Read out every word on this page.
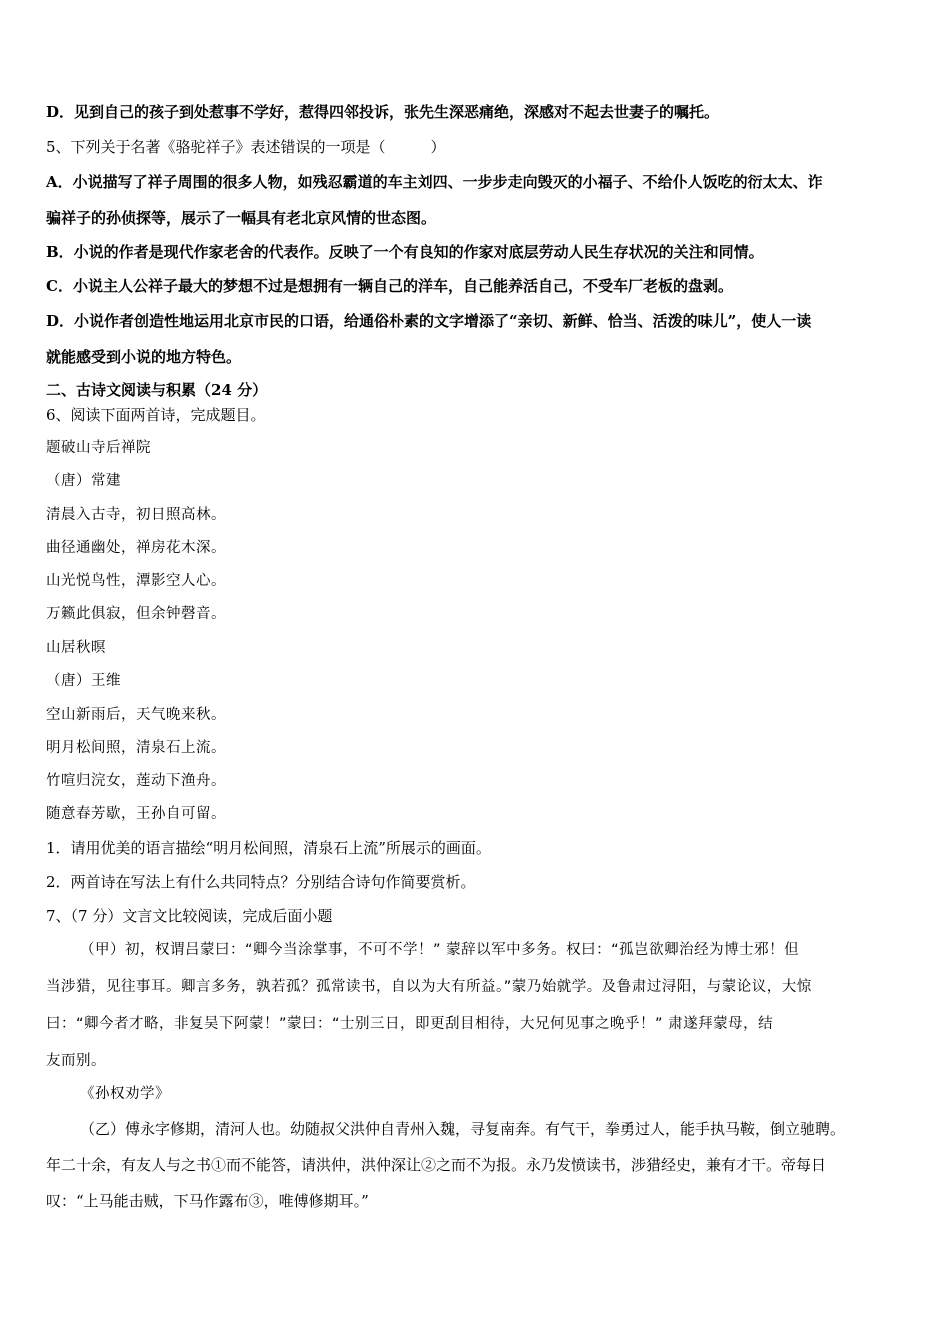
D．见到自己的孩子到处惹事不学好，惹得四邻投诉，张先生深恶痛绝，深感对不起去世妻子的嘱托。
5、下列关于名著《骆驼祥子》表述错误的一项是（　　　）
A．小说描写了祥子周围的很多人物，如残忍霸道的车主刘四、一步步走向毁灭的小福子、不给仆人饭吃的衍太太、诈
骗祥子的孙侦探等，展示了一幅具有老北京风情的世态图。
B．小说的作者是现代作家老舍的代表作。反映了一个有良知的作家对底层劳动人民生存状况的关注和同情。
C．小说主人公祥子最大的梦想不过是想拥有一辆自己的洋车，自己能养活自己，不受车厂老板的盘剥。
D．小说作者创造性地运用北京市民的口语，给通俗朴素的文字增添了“亲切、新鲜、恰当、活泼的味儿”，使人一读
就能感受到小说的地方特色。
二、古诗文阅读与积累（24 分）
6、阅读下面两首诗，完成题目。
题破山寺后禅院
（唐）常建
清晨入古寺，初日照高林。
曲径通幽处，禅房花木深。
山光悦鸟性，潭影空人心。
万籁此俱寂，但余钟磬音。
山居秋暝
（唐）王维
空山新雨后，天气晚来秋。
明月松间照，清泉石上流。
竹喧归浣女，莲动下渔舟。
随意春芳歇，王孙自可留。
1．请用优美的语言描绘“明月松间照，清泉石上流”所展示的画面。
2．两首诗在写法上有什么共同特点？分别结合诗句作简要赏析。
7、（7 分）文言文比较阅读，完成后面小题
（甲）初，权谓吕蒙曰：“卿今当涂掌事，不可不学！” 蒙辞以军中多务。权曰：“孤岂欲卿治经为博士邪！但
当涉猎，见往事耳。卿言多务，孰若孤？孤常读书，自以为大有所益。”蒙乃始就学。及鲁肃过浔阳，与蒙论议，大惊
曰：“卿今者才略，非复吴下阿蒙！”蒙曰：“士别三日，即更刮目相待，大兄何见事之晚乎！” 肃遂拜蒙母，结
友而别。
《孙权劝学》
（乙）傅永字修期，清河人也。幼随叔父洪仲自青州入魏，寻复南奔。有气干，拳勇过人，能手执马鞍，倒立驰聘。
年二十余，有友人与之书①而不能答，请洪仲，洪仲深让②之而不为报。永乃发愤读书，涉猎经史，兼有才干。帝每日
叹：“上马能击贼，下马作露布③，唯傅修期耳。”
